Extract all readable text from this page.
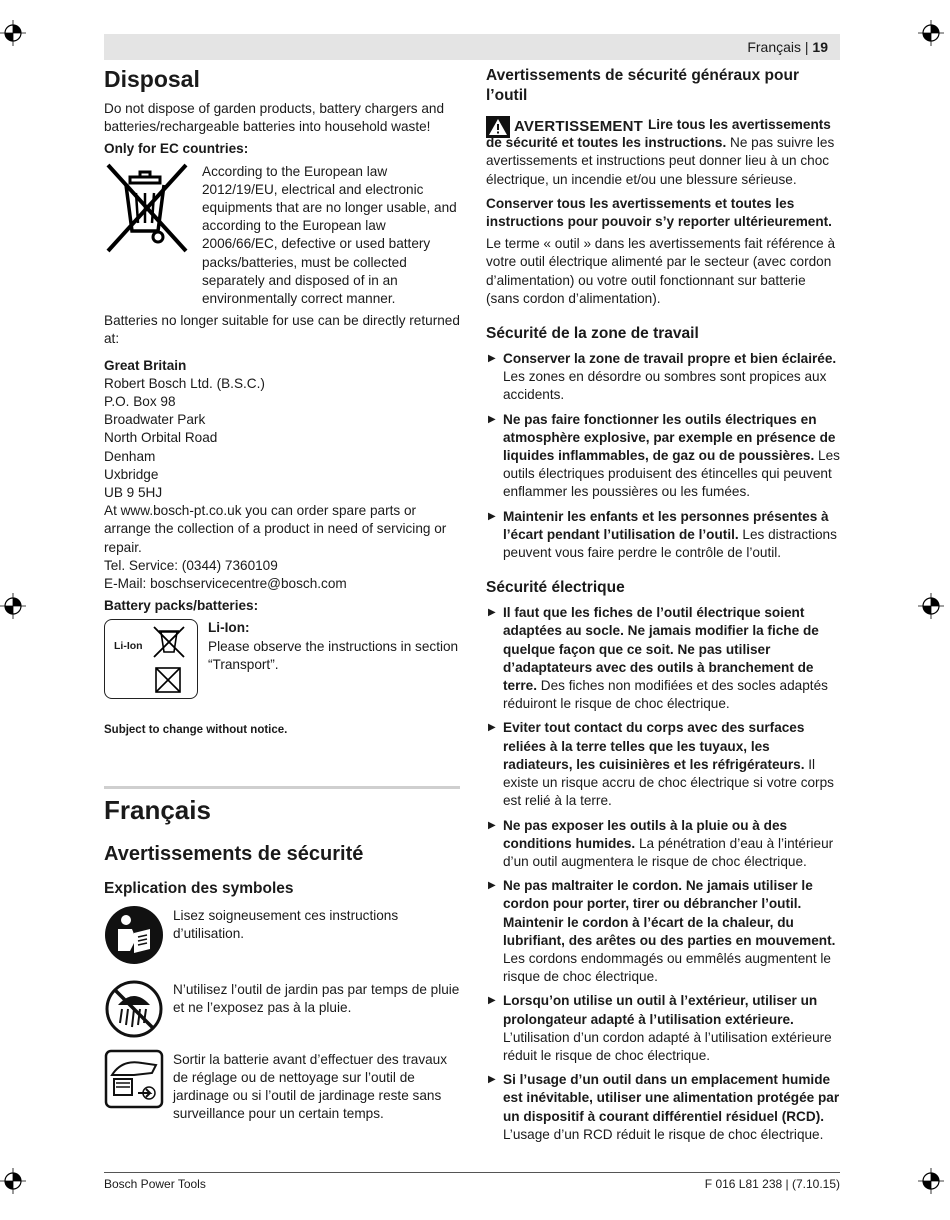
Français | 19
Disposal

Do not dispose of garden products, battery chargers and batteries/rechargeable batteries into household waste!

Only for EC countries:

According to the European law 2012/19/EU, electrical and electronic equipments that are no longer usable, and according to the European law 2006/66/EC, defective or used battery packs/batteries, must be collected separately and disposed of in an environmentally correct manner.

Batteries no longer suitable for use can be directly returned at:

Great Britain

Robert Bosch Ltd. (B.S.C.)

P.O. Box 98

Broadwater Park

North Orbital Road

Denham

Uxbridge

UB 9 5HJ

At www.bosch-pt.co.uk you can order spare parts or arrange the collection of a product in need of servicing or repair.

Tel. Service: (0344) 7360109

E-Mail: boschservicecentre@bosch.com

Battery packs/batteries:

Li-Ion

Li-Ion:

Please observe the instructions in section “Transport”.

Subject to change without notice.

Français
Avertissements de sécurité
Explication des symboles
Lisez soigneusement ces instructions d’utilisation.
N’utilisez l’outil de jardin pas par temps de pluie et ne l’exposez pas à la pluie.
Sortir la batterie avant d’effectuer des travaux de réglage ou de nettoyage sur l’outil de jardinage ou si l’outil de jardinage reste sans surveillance pour un certain temps.
Avertissements de sécurité généraux pour l’outil
AVERTISSEMENT Lire tous les avertissements de sécurité et toutes les instructions. Ne pas suivre les avertissements et instructions peut donner lieu à un choc électrique, un incendie et/ou une blessure sérieuse.

Conserver tous les avertissements et toutes les instructions pour pouvoir s’y reporter ultérieurement.

Le terme « outil » dans les avertissements fait référence à votre outil électrique alimenté par le secteur (avec cordon d’alimentation) ou votre outil fonctionnant sur batterie (sans cordon d’alimentation).

Sécurité de la zone de travail
▶ Conserver la zone de travail propre et bien éclairée. Les zones en désordre ou sombres sont propices aux accidents.
▶ Ne pas faire fonctionner les outils électriques en atmosphère explosive, par exemple en présence de liquides inflammables, de gaz ou de poussières. Les outils électriques produisent des étincelles qui peuvent enflammer les poussières ou les fumées.
▶ Maintenir les enfants et les personnes présentes à l’écart pendant l’utilisation de l’outil. Les distractions peuvent vous faire perdre le contrôle de l’outil.
Sécurité électrique
▶ Il faut que les fiches de l’outil électrique soient adaptées au socle. Ne jamais modifier la fiche de quelque façon que ce soit. Ne pas utiliser d’adaptateurs avec des outils à branchement de terre. Des fiches non modifiées et des socles adaptés réduiront le risque de choc électrique.
▶ Eviter tout contact du corps avec des surfaces reliées à la terre telles que les tuyaux, les radiateurs, les cuisinières et les réfrigérateurs. Il existe un risque accru de choc électrique si votre corps est relié à la terre.
▶ Ne pas exposer les outils à la pluie ou à des conditions humides. La pénétration d’eau à l’intérieur d’un outil augmentera le risque de choc électrique.
▶ Ne pas maltraiter le cordon. Ne jamais utiliser le cordon pour porter, tirer ou débrancher l’outil. Maintenir le cordon à l’écart de la chaleur, du lubrifiant, des arêtes ou des parties en mouvement. Les cordons endommagés ou emmêlés augmentent le risque de choc électrique.
▶ Lorsqu’on utilise un outil à l’extérieur, utiliser un prolongateur adapté à l’utilisation extérieure. L’utilisation d’un cordon adapté à l’utilisation extérieure réduit le risque de choc électrique.
▶ Si l’usage d’un outil dans un emplacement humide est inévitable, utiliser une alimentation protégée par un dispositif à courant différentiel résiduel (RCD). L’usage d’un RCD réduit le risque de choc électrique.
Bosch Power Tools	F 016 L81 238 | (7.10.15)
